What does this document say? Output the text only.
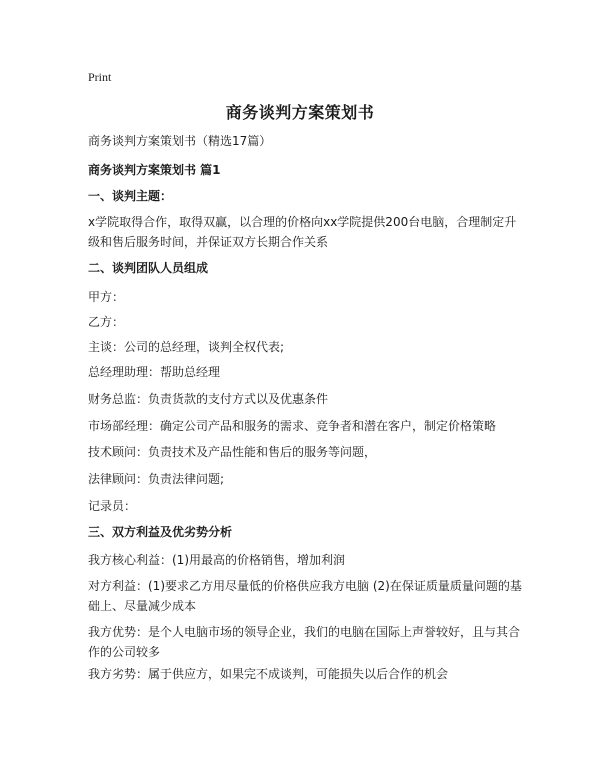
Print
商务谈判方案策划书

商务谈判方案策划书（精选17篇）

商务谈判方案策划书 篇1

一、谈判主题：

x学院取得合作，取得双赢，以合理的价格向xx学院提供200台电脑，合理制定升级和售后服务时间，并保证双方长期合作关系

二、谈判团队人员组成

甲方：

乙方：

主谈：公司的总经理，谈判全权代表;

总经理助理：帮助总经理

财务总监：负责货款的支付方式以及优惠条件

市场部经理：确定公司产品和服务的需求、竞争者和潜在客户，制定价格策略

技术顾问：负责技术及产品性能和售后的服务等问题，

法律顾问：负责法律问题;

记录员：

三、双方利益及优劣势分析

我方核心利益：(1)用最高的价格销售，增加利润

对方利益：(1)要求乙方用尽量低的价格供应我方电脑 (2)在保证质量质量问题的基础上、尽量减少成本

我方优势：是个人电脑市场的领导企业，我们的电脑在国际上声誉较好，且与其合作的公司较多

我方劣势：属于供应方，如果完不成谈判，可能损失以后合作的机会
